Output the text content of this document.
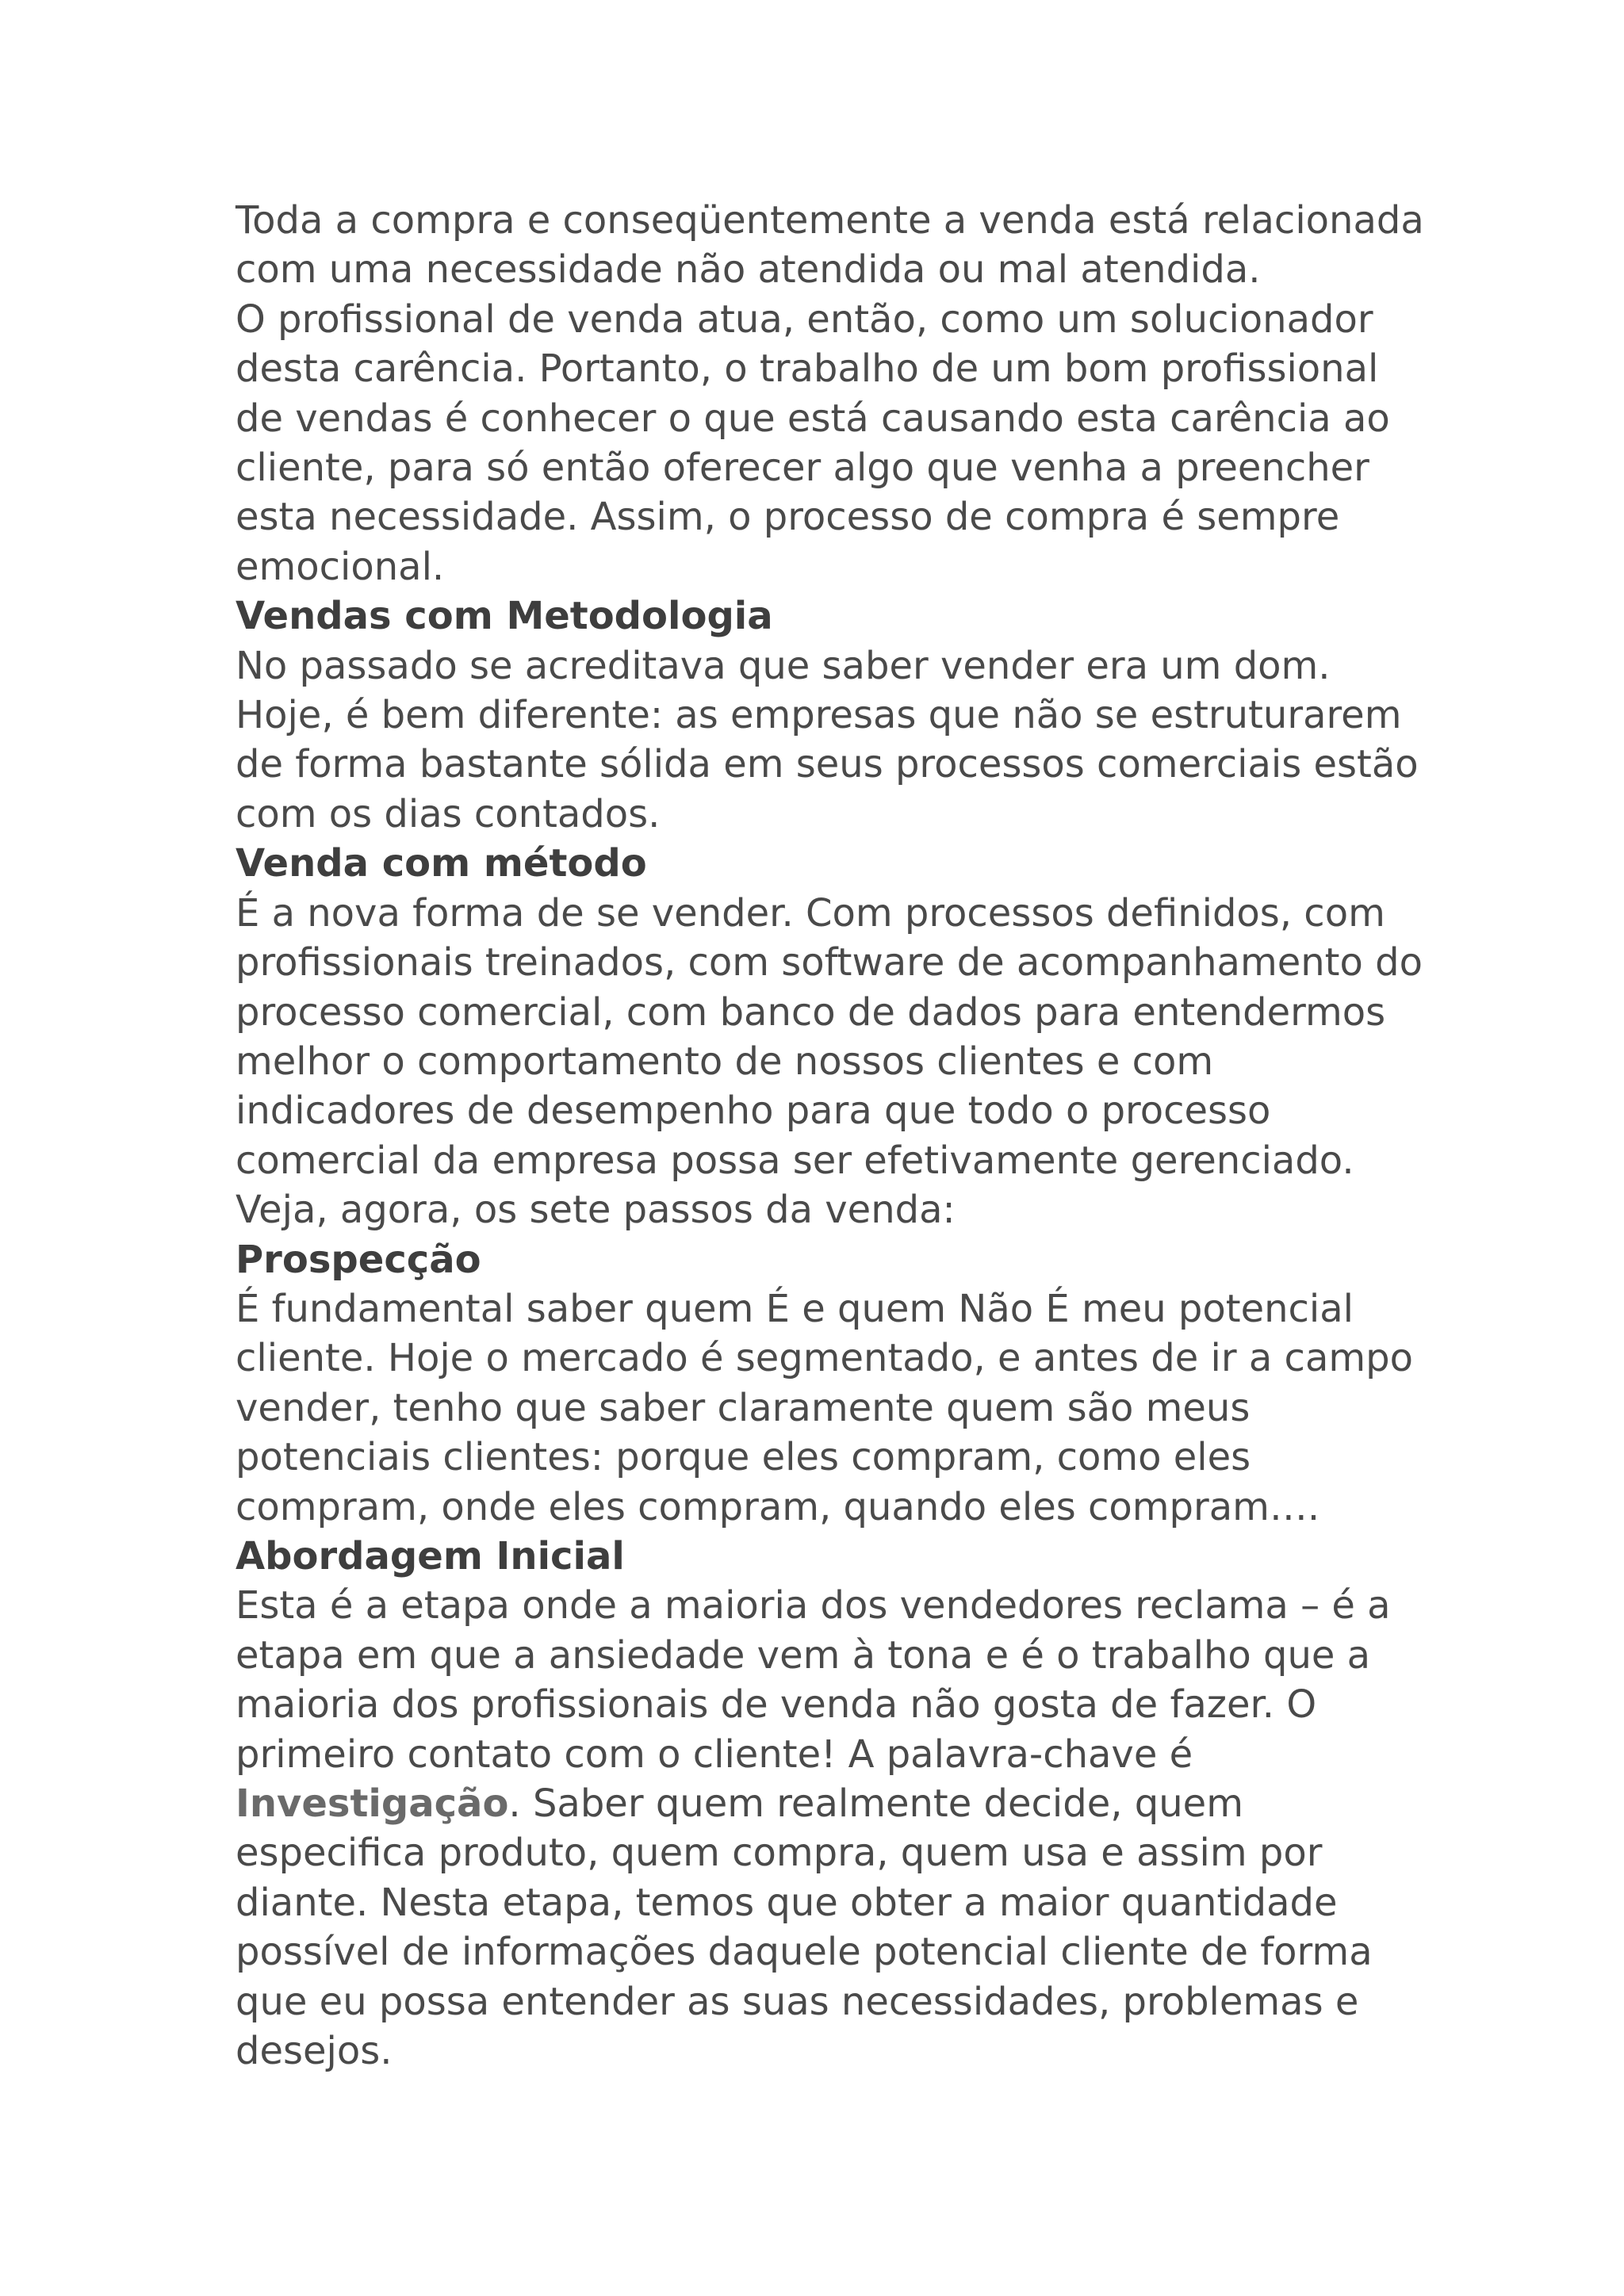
Toda a compra e conseqüentemente a venda está relacionada com uma necessidade não atendida ou mal atendida.

O profissional de venda atua, então, como um solucionador desta carência. Portanto, o trabalho de um bom profissional de vendas é conhecer o que está causando esta carência ao cliente, para só então oferecer algo que venha a preencher esta necessidade. Assim, o processo de compra é sempre emocional.

Vendas com Metodologia

No passado se acreditava que saber vender era um dom. Hoje, é bem diferente: as empresas que não se estruturarem de forma bastante sólida em seus processos comerciais estão com os dias contados.

Venda com método

É a nova forma de se vender. Com processos definidos, com profissionais treinados, com software de acompanhamento do processo comercial, com banco de dados para entendermos melhor o comportamento de nossos clientes e com indicadores de desempenho para que todo o processo comercial da empresa possa ser efetivamente gerenciado.

Veja, agora, os sete passos da venda:

Prospecção

É fundamental saber quem É e quem Não É meu potencial cliente. Hoje o mercado é segmentado, e antes de ir a campo vender, tenho que saber claramente quem são meus potenciais clientes: porque eles compram, como eles compram, onde eles compram, quando eles compram….

Abordagem Inicial

Esta é a etapa onde a maioria dos vendedores reclama – é a etapa em que a ansiedade vem à tona e é o trabalho que a maioria dos profissionais de venda não gosta de fazer. O primeiro contato com o cliente! A palavra-chave é Investigação. Saber quem realmente decide, quem especifica produto, quem compra, quem usa e assim por diante. Nesta etapa, temos que obter a maior quantidade possível de informações daquele potencial cliente de forma que eu possa entender as suas necessidades, problemas e desejos.
